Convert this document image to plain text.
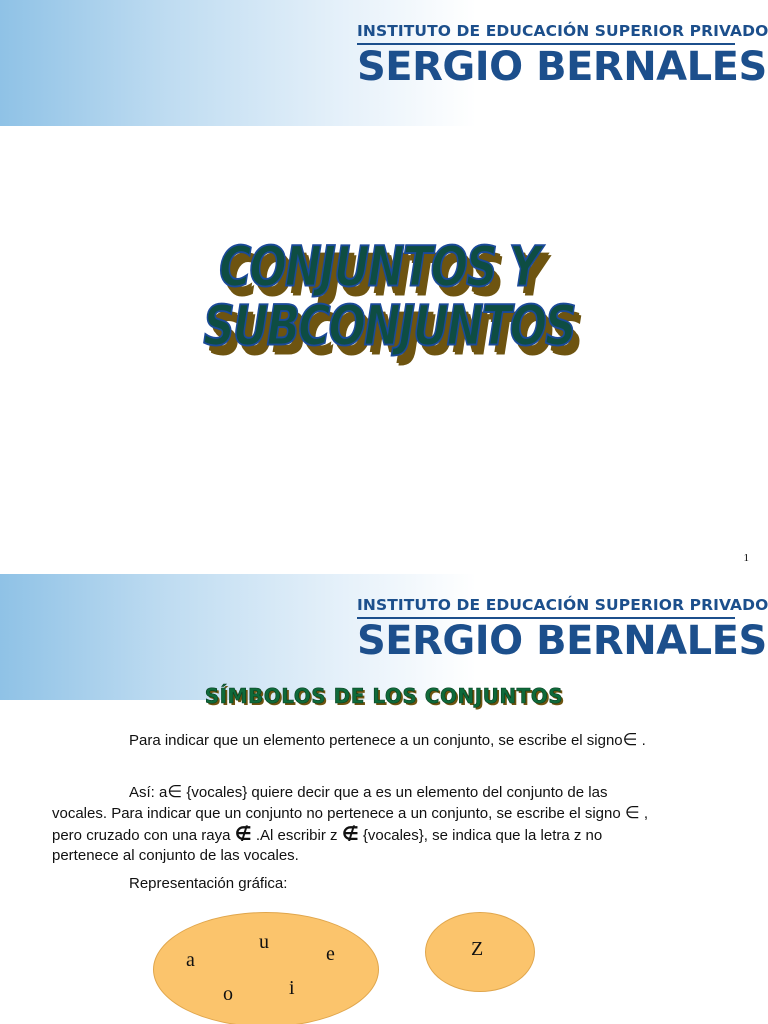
INSTITUTO DE EDUCACIÓN SUPERIOR PRIVADO
SERGIO BERNALES
CONJUNTOS Y
SUBCONJUNTOS
1
INSTITUTO DE EDUCACIÓN SUPERIOR PRIVADO
SERGIO BERNALES
SÍMBOLOS DE LOS CONJUNTOS
Para indicar que un elemento pertenece a un conjunto, se escribe el signo∈ .
Así: a∈ {vocales} quiere decir que a es un elemento del conjunto de las vocales. Para indicar que un conjunto no pertenece a un conjunto, se escribe el signo ∈ , pero cruzado con una raya ∉ .Al escribir z ∉ {vocales}, se indica que la letra z no pertenece al conjunto de las vocales.
Representación gráfica:
a
u
e
o	i
Z
